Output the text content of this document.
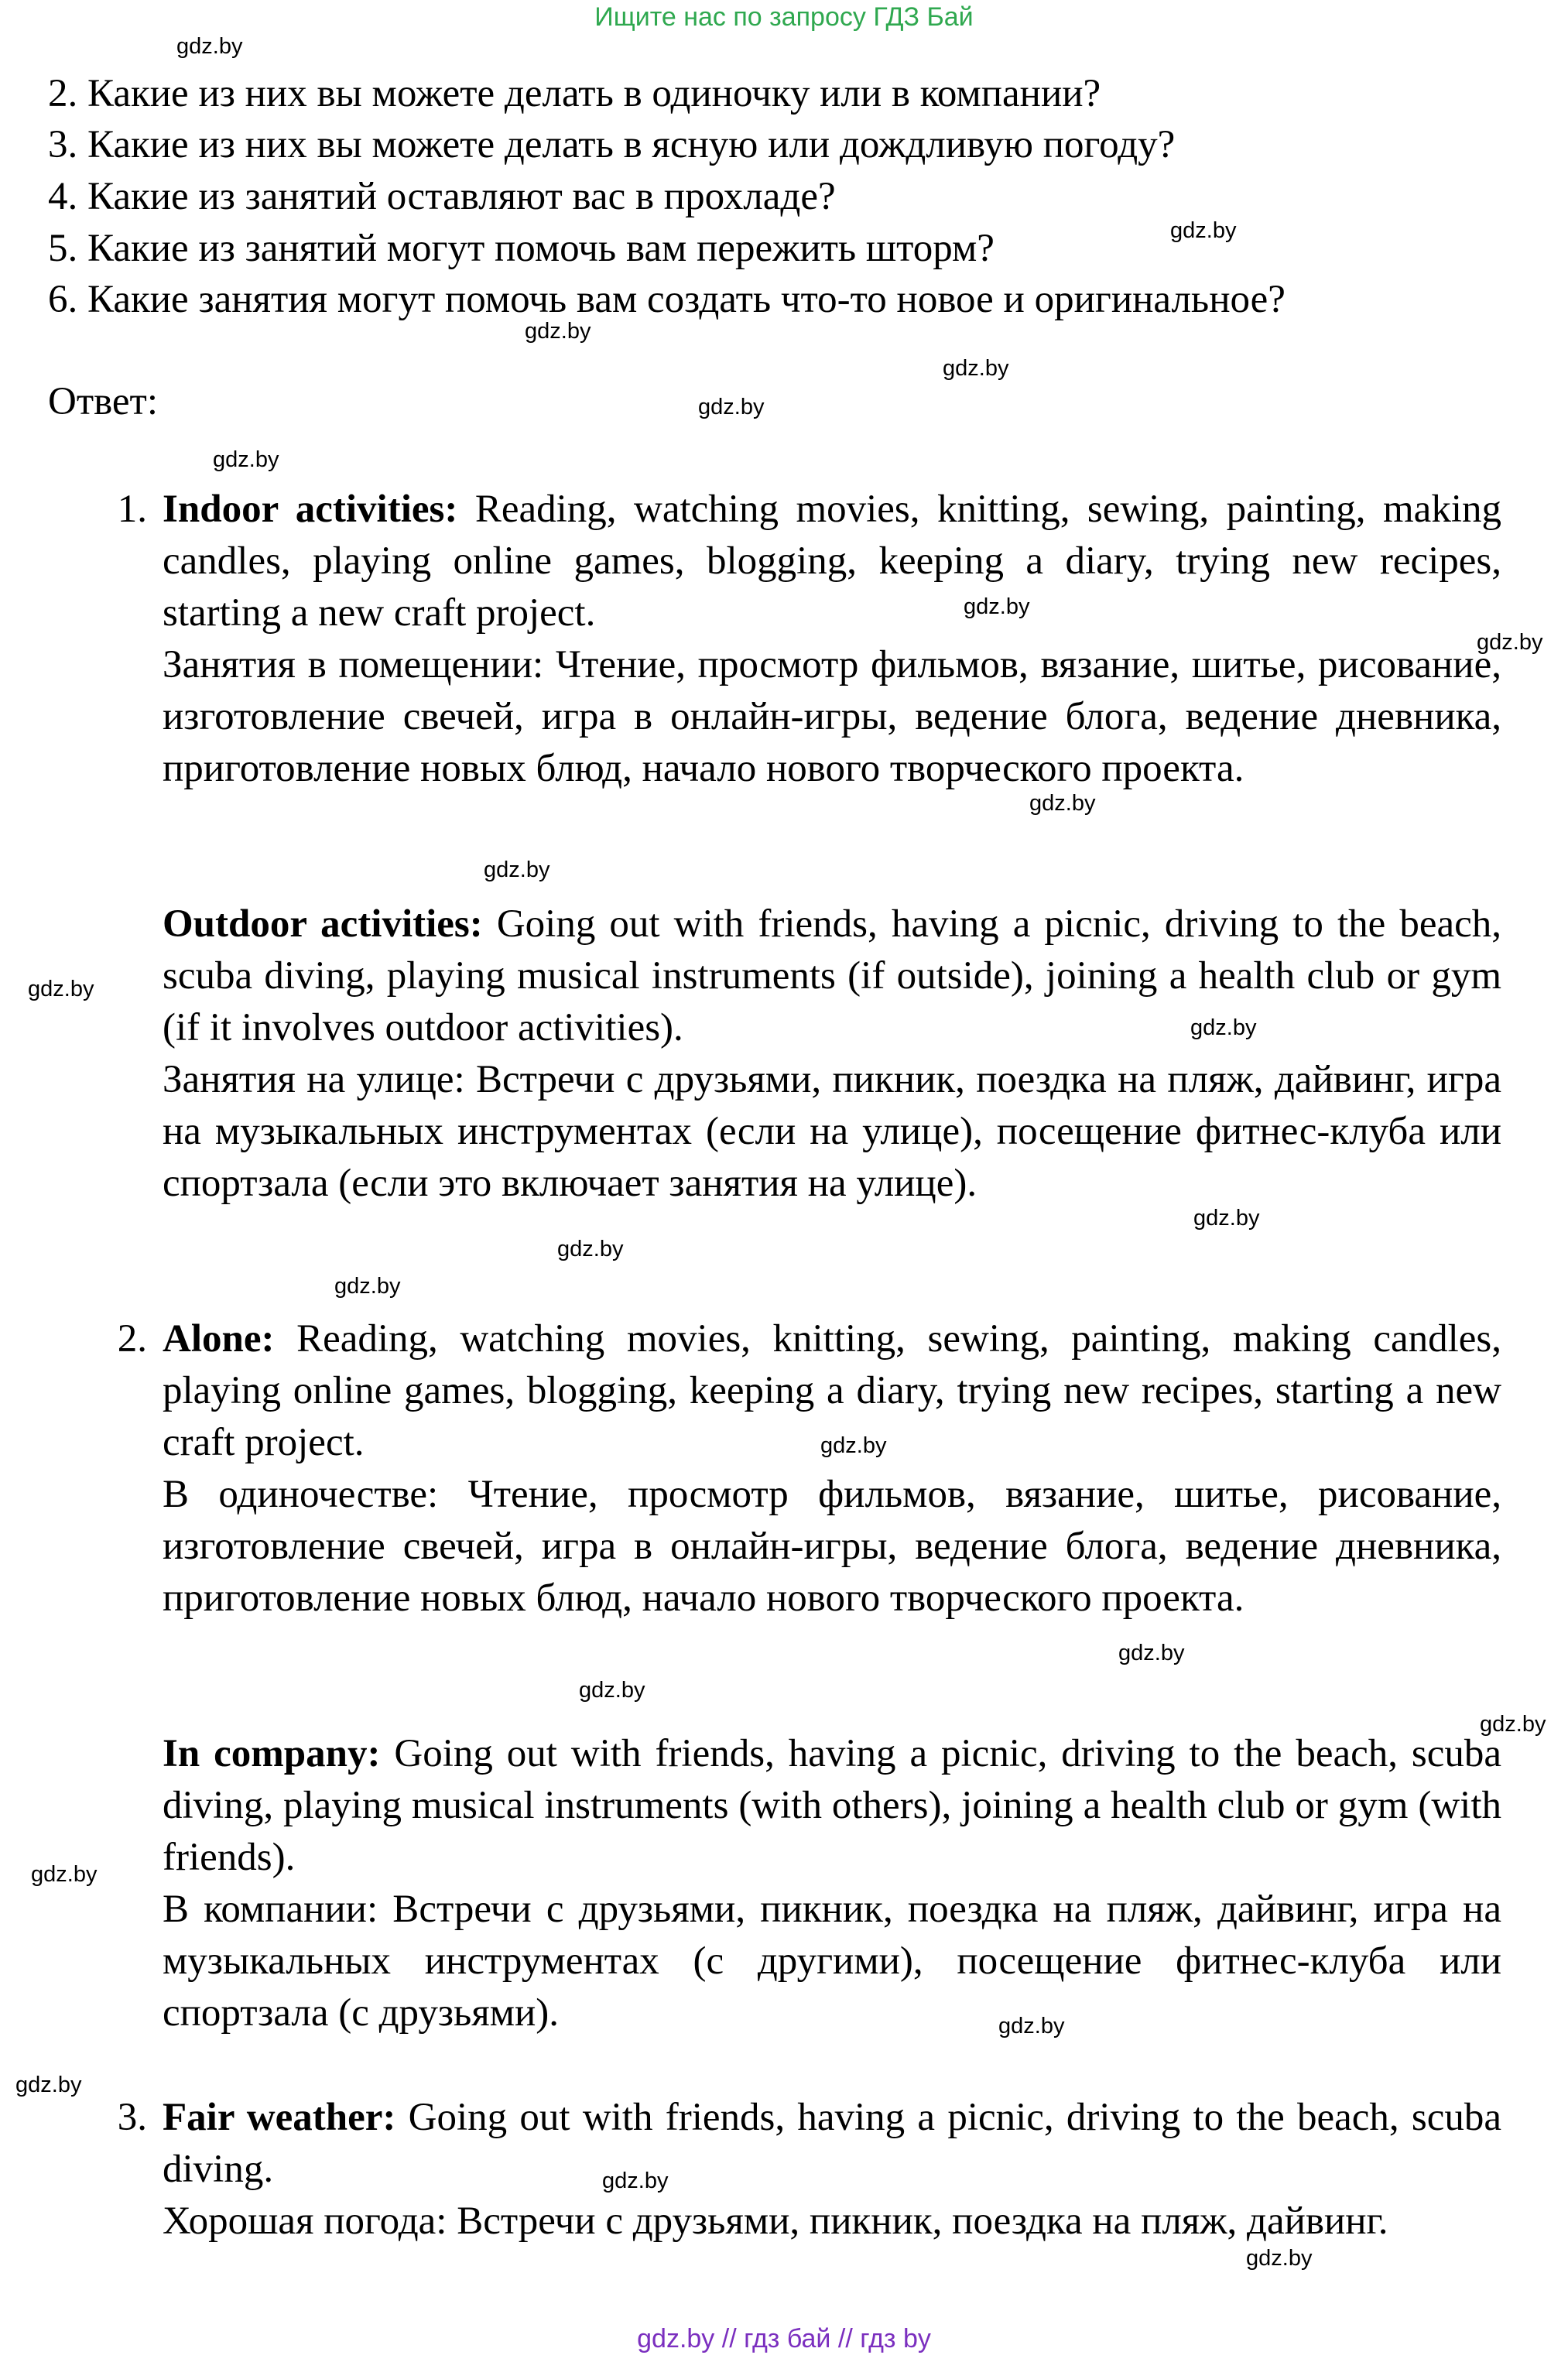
Ищите нас по запросу ГДЗ Бай
gdz.by // гдз бай // гдз by
2. Какие из них вы можете делать в одиночку или в компании?
3. Какие из них вы можете делать в ясную или дождливую погоду?
4. Какие из занятий оставляют вас в прохладе?
5. Какие из занятий могут помочь вам пережить шторм?
6. Какие занятия могут помочь вам создать что-то новое и оригинальное?
Ответ:
1. Indoor activities: Reading, watching movies, knitting, sewing, painting, making candles, playing online games, blogging, keeping a diary, trying new recipes, starting a new craft project.
Занятия в помещении: Чтение, просмотр фильмов, вязание, шитье, рисование, изготовление свечей, игра в онлайн-игры, ведение блога, ведение дневника, приготовление новых блюд, начало нового творческого проекта.
Outdoor activities: Going out with friends, having a picnic, driving to the beach, scuba diving, playing musical instruments (if outside), joining a health club or gym (if it involves outdoor activities).
Занятия на улице: Встречи с друзьями, пикник, поездка на пляж, дайвинг, игра на музыкальных инструментах (если на улице), посещение фитнес-клуба или спортзала (если это включает занятия на улице).
2. Alone: Reading, watching movies, knitting, sewing, painting, making candles, playing online games, blogging, keeping a diary, trying new recipes, starting a new craft project.
В одиночестве: Чтение, просмотр фильмов, вязание, шитье, рисование, изготовление свечей, игра в онлайн-игры, ведение блога, ведение дневника, приготовление новых блюд, начало нового творческого проекта.
In company: Going out with friends, having a picnic, driving to the beach, scuba diving, playing musical instruments (with others), joining a health club or gym (with friends).
В компании: Встречи с друзьями, пикник, поездка на пляж, дайвинг, игра на музыкальных инструментах (с другими), посещение фитнес-клуба или спортзала (с друзьями).
3. Fair weather: Going out with friends, having a picnic, driving to the beach, scuba diving.
Хорошая погода: Встречи с друзьями, пикник, поездка на пляж, дайвинг.
gdz.by
gdz.by
gdz.by
gdz.by
gdz.by
gdz.by
gdz.by
gdz.by
gdz.by
gdz.by
gdz.by
gdz.by
gdz.by
gdz.by
gdz.by
gdz.by
gdz.by
gdz.by
gdz.by
gdz.by
gdz.by
gdz.by
gdz.by
gdz.by
